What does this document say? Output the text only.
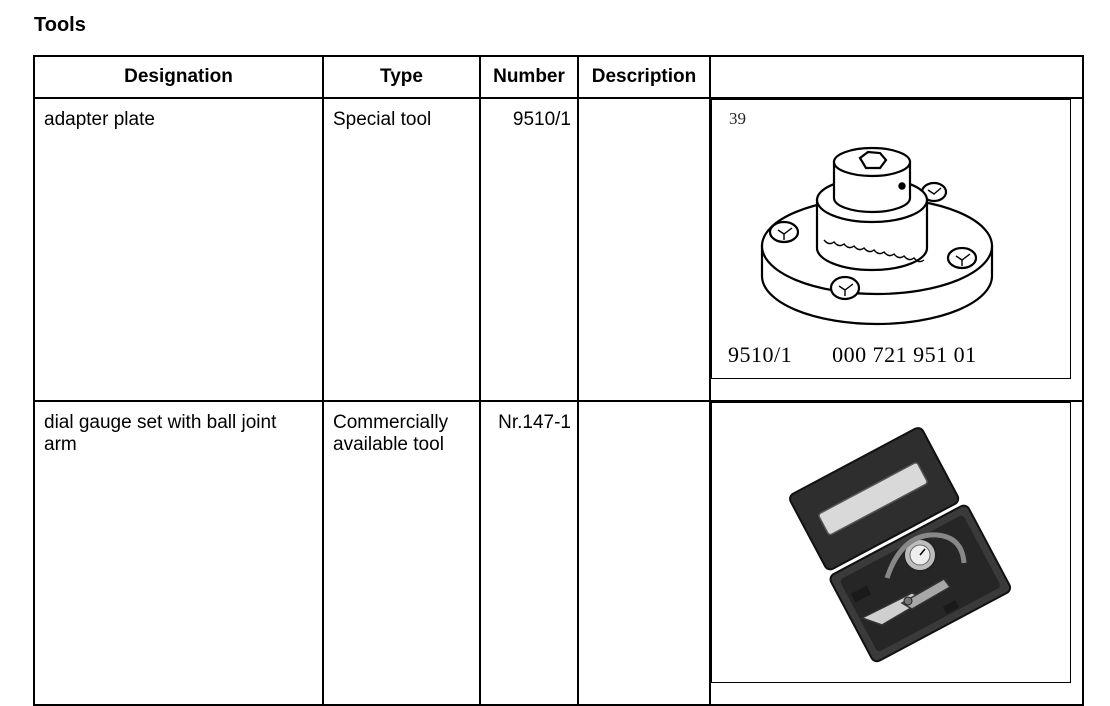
Tools
Designation	Type	Number	Description	
adapter plate	Special tool	9510/1		39
9510/1 000 721 951 01

dial gauge set with ball joint arm	Commercially available tool	Nr.147-1		
